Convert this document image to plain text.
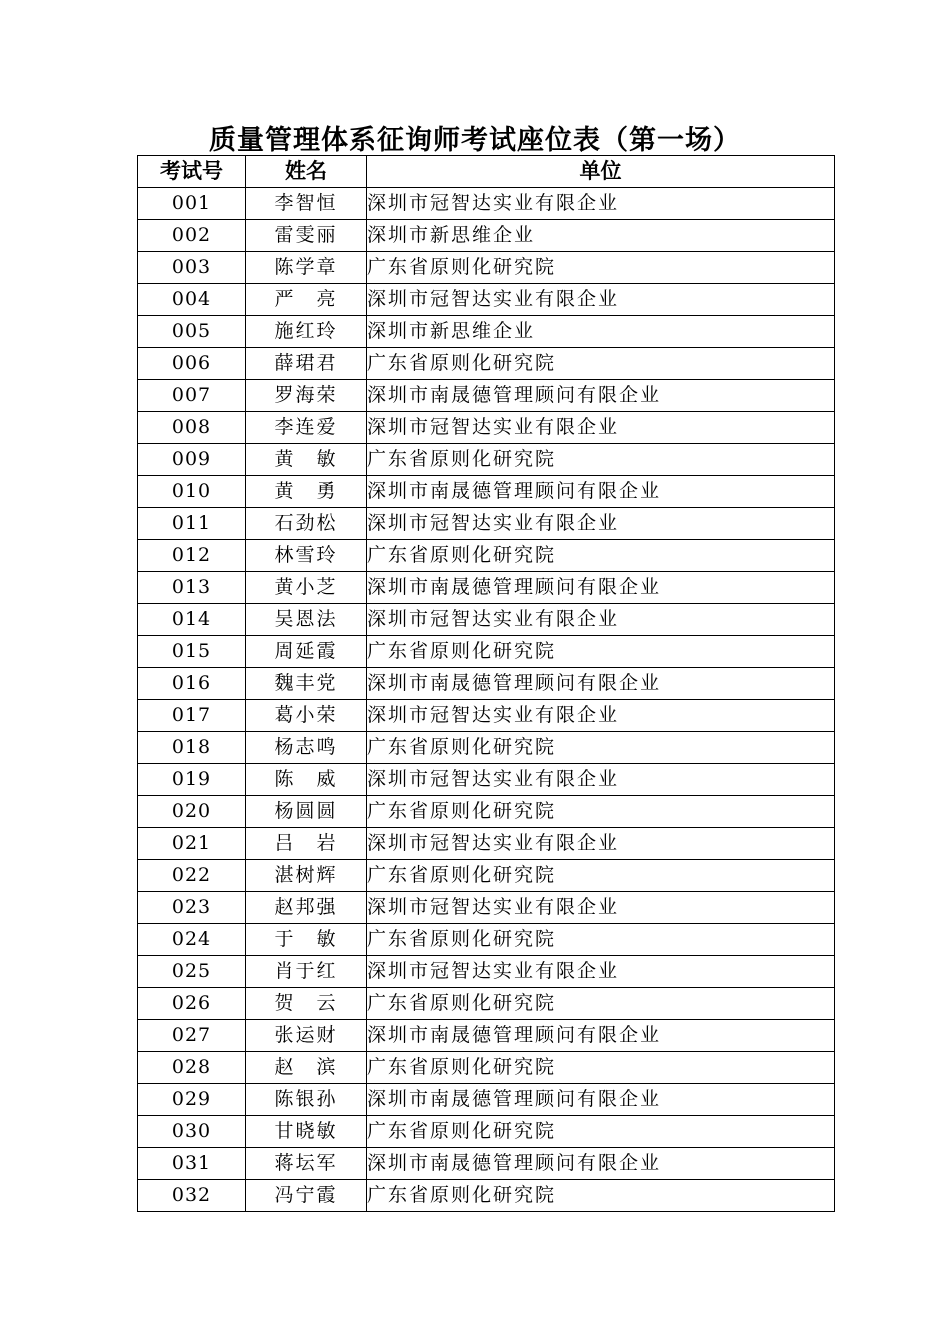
质量管理体系征询师考试座位表（第一场）
考试号	姓名	单位
001	李智恒	深圳市冠智达实业有限企业
002	雷雯丽	深圳市新思维企业
003	陈学章	广东省原则化研究院
004	严　亮	深圳市冠智达实业有限企业
005	施红玲	深圳市新思维企业
006	薛珺君	广东省原则化研究院
007	罗海荣	深圳市南晟德管理顾问有限企业
008	李连爱	深圳市冠智达实业有限企业
009	黄　敏	广东省原则化研究院
010	黄　勇	深圳市南晟德管理顾问有限企业
011	石劲松	深圳市冠智达实业有限企业
012	林雪玲	广东省原则化研究院
013	黄小芝	深圳市南晟德管理顾问有限企业
014	吴恩法	深圳市冠智达实业有限企业
015	周延霞	广东省原则化研究院
016	魏丰党	深圳市南晟德管理顾问有限企业
017	葛小荣	深圳市冠智达实业有限企业
018	杨志鸣	广东省原则化研究院
019	陈　威	深圳市冠智达实业有限企业
020	杨圆圆	广东省原则化研究院
021	吕　岩	深圳市冠智达实业有限企业
022	湛树辉	广东省原则化研究院
023	赵邦强	深圳市冠智达实业有限企业
024	于　敏	广东省原则化研究院
025	肖于红	深圳市冠智达实业有限企业
026	贺　云	广东省原则化研究院
027	张运财	深圳市南晟德管理顾问有限企业
028	赵　滨	广东省原则化研究院
029	陈银孙	深圳市南晟德管理顾问有限企业
030	甘晓敏	广东省原则化研究院
031	蒋坛军	深圳市南晟德管理顾问有限企业
032	冯宁霞	广东省原则化研究院
